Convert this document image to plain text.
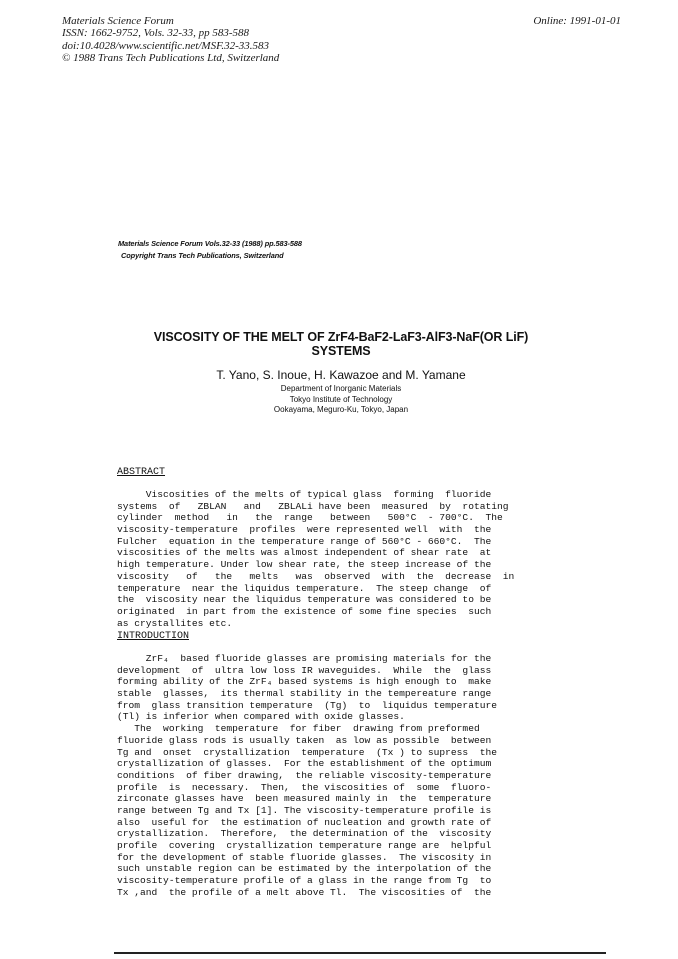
Materials Science Forum
ISSN: 1662-9752, Vols. 32-33, pp 583-588
doi:10.4028/www.scientific.net/MSF.32-33.583
© 1988 Trans Tech Publications Ltd, Switzerland
Online: 1991-01-01
Materials Science Forum Vols.32-33 (1988) pp.583-588
Copyright Trans Tech Publications, Switzerland
VISCOSITY OF THE MELT OF ZrF4-BaF2-LaF3-AlF3-NaF(OR LiF)
SYSTEMS
T. Yano, S. Inoue, H. Kawazoe and M. Yamane
Department of Inorganic Materials
Tokyo Institute of Technology
Ookayama, Meguro-Ku, Tokyo, Japan
ABSTRACT
Viscosities of the melts of typical glass  forming  fluoride
systems  of   ZBLAN   and   ZBLALi have been  measured  by  rotating
cylinder  method   in   the  range   between   500°C  - 700°C.  The
viscosity-temperature  profiles  were represented well  with  the
Fulcher  equation in the temperature range of 560°C - 660°C.  The
viscosities of the melts was almost independent of shear rate  at
high temperature. Under low shear rate, the steep increase of the
viscosity   of   the   melts   was  observed  with  the  decrease  in
temperature  near the liquidus temperature.  The steep change  of
the  viscosity near the liquidus temperature was considered to be
originated  in part from the existence of some fine species  such
as crystallites etc.
INTRODUCTION
ZrF₄  based fluoride glasses are promising materials for the
development  of  ultra low loss IR waveguides.  While  the  glass
forming ability of the ZrF₄ based systems is high enough to  make
stable  glasses,  its thermal stability in the tempereature range
from  glass transition temperature  (Tg)  to  liquidus temperature
(Tl) is inferior when compared with oxide glasses.
The  working  temperature  for fiber  drawing from preformed
fluoride glass rods is usually taken  as low as possible  between
Tg and  onset  crystallization  temperature  (Tx ) to supress  the
crystallization of glasses.  For the establishment of the optimum
conditions  of fiber drawing,  the reliable viscosity-temperature
profile  is  necessary.  Then,  the viscosities of  some  fluoro-
zirconate glasses have  been measured mainly in  the  temperature
range between Tg and Tx [1]. The viscosity-temperature profile is
also  useful for  the estimation of nucleation and growth rate of
crystallization.  Therefore,  the determination of the  viscosity
profile  covering  crystallization temperature range are  helpful
for the development of stable fluoride glasses.  The viscosity in
such unstable region can be estimated by the interpolation of the
viscosity-temperature profile of a glass in the range from Tg  to
Tx ,and  the profile of a melt above Tl.  The viscosities of  the
